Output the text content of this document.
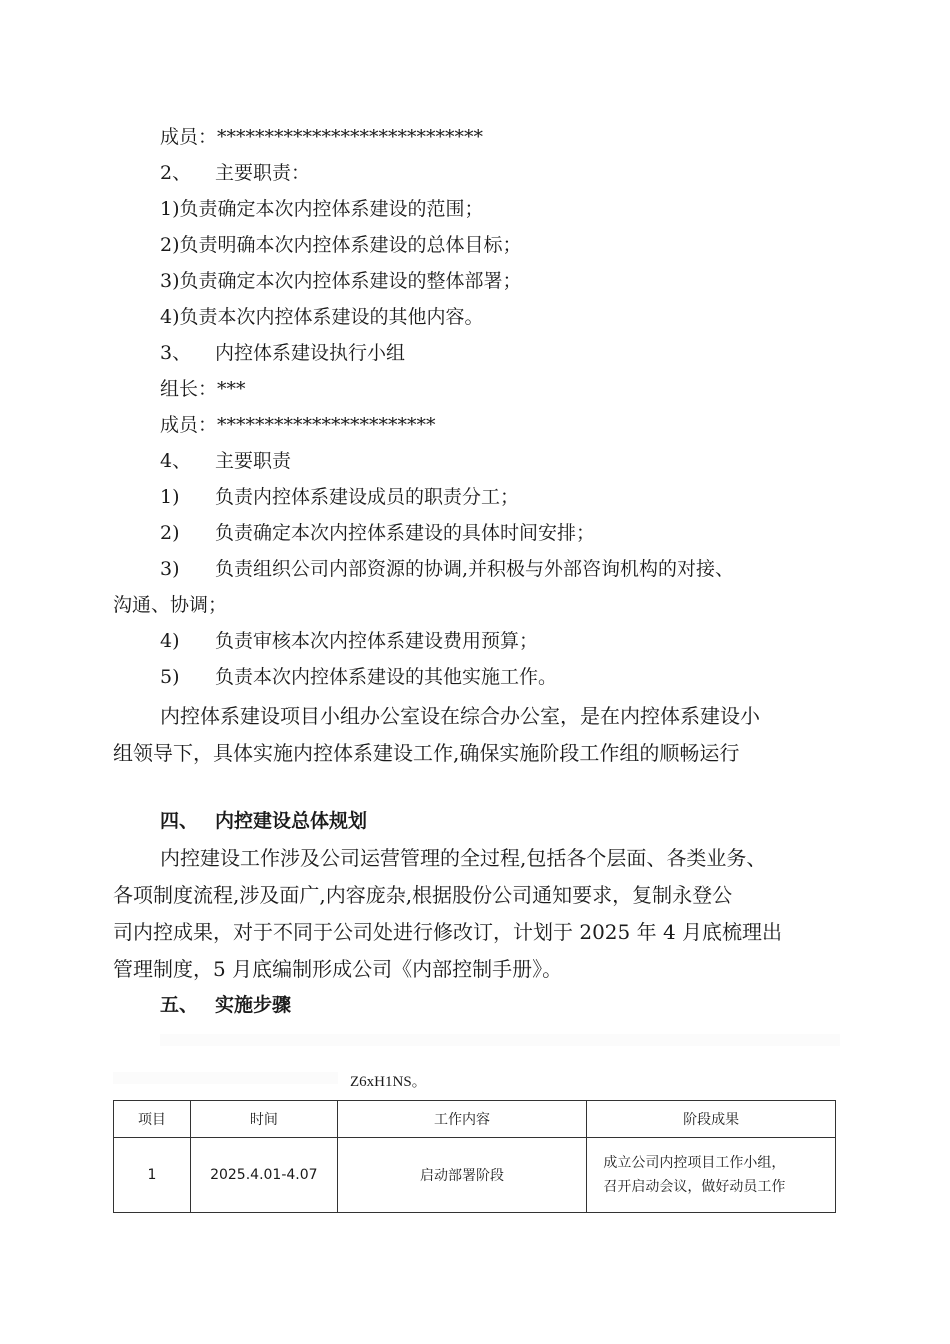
成员：****************************
2、 主要职责：
1)负责确定本次内控体系建设的范围；
2)负责明确本次内控体系建设的总体目标；
3)负责确定本次内控体系建设的整体部署；
4)负责本次内控体系建设的其他内容。
3、 内控体系建设执行小组
组长：***
成员：***********************
4、 主要职责
1) 负责内控体系建设成员的职责分工；
2) 负责确定本次内控体系建设的具体时间安排；
3) 负责组织公司内部资源的协调,并积极与外部咨询机构的对接、
沟通、协调；
4) 负责审核本次内控体系建设费用预算；
5) 负责本次内控体系建设的其他实施工作。
内控体系建设项目小组办公室设在综合办公室，是在内控体系建设小
组领导下，具体实施内控体系建设工作,确保实施阶段工作组的顺畅运行
四、 内控建设总体规划
内控建设工作涉及公司运营管理的全过程,包括各个层面、各类业务、
各项制度流程,涉及面广,内容庞杂,根据股份公司通知要求，复制永登公
司内控成果，对于不同于公司处进行修改订，计划于 2025 年 4 月底梳理出
管理制度，5 月底编制形成公司《内部控制手册》。
五、 实施步骤
Z6xH1NS。
项目	时间	工作内容	阶段成果
1	2025.4.01-4.07	启动部署阶段	成立公司内控项目工作小组，
召开启动会议，做好动员工作
